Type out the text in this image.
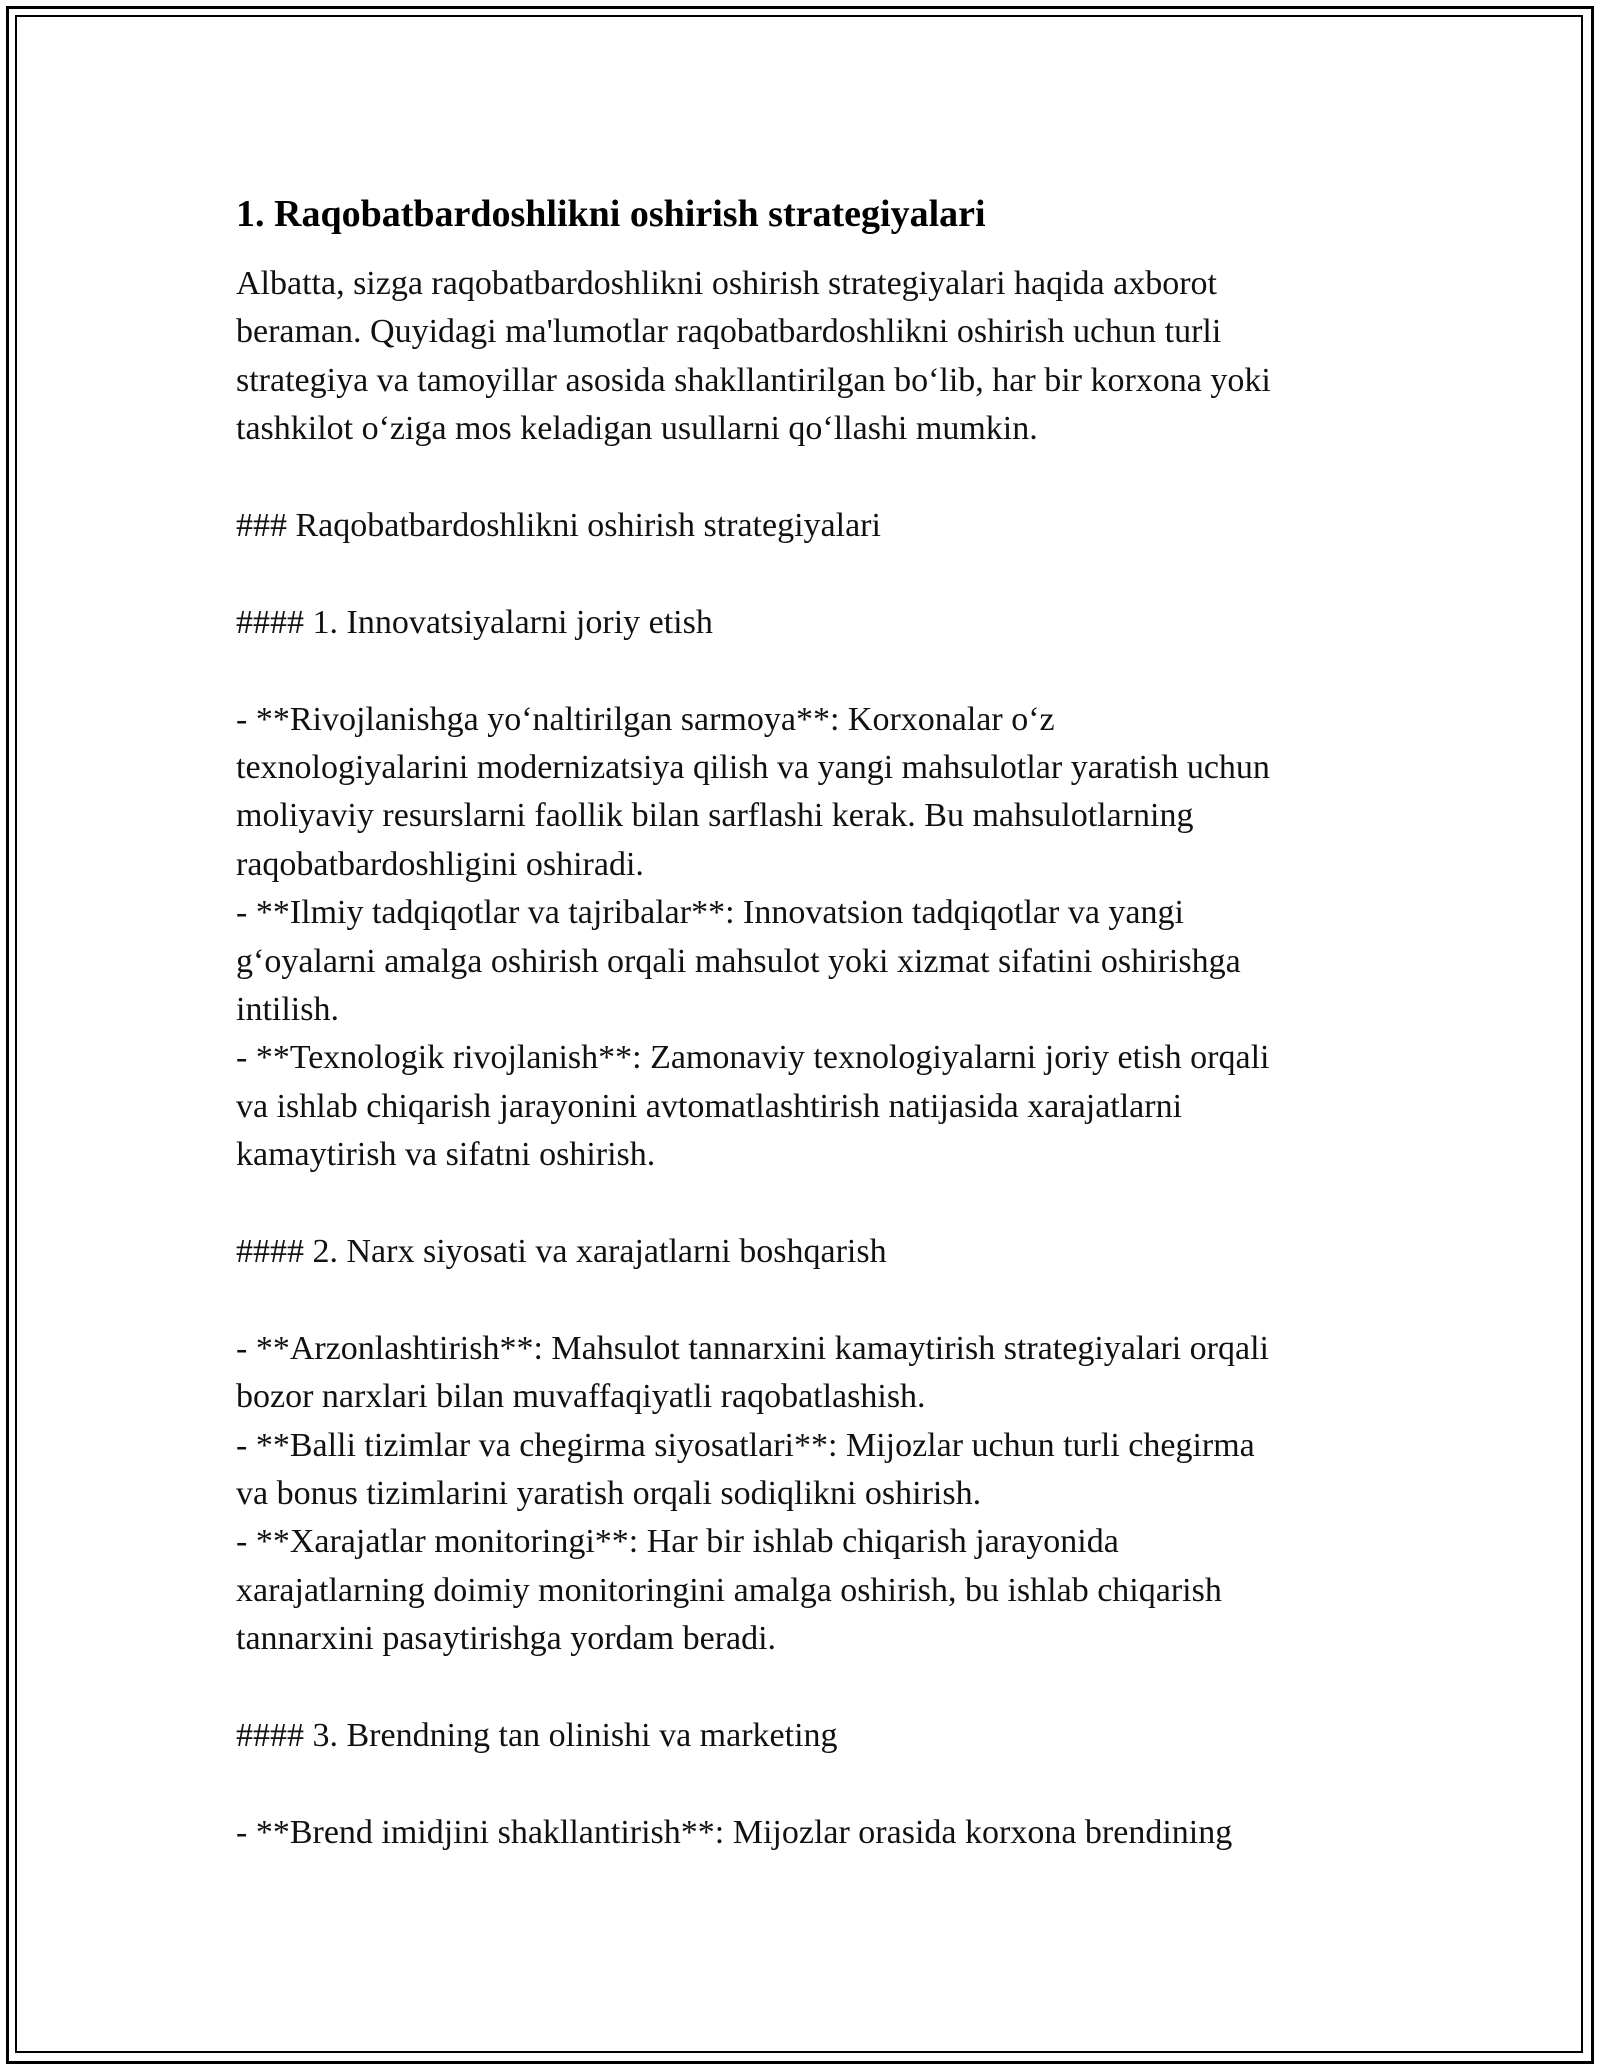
1. Raqobatbardoshlikni oshirish strategiyalari

Albatta, sizga raqobatbardoshlikni oshirish strategiyalari haqida axborot
beraman. Quyidagi ma'lumotlar raqobatbardoshlikni oshirish uchun turli
strategiya va tamoyillar asosida shakllantirilgan bo‘lib, har bir korxona yoki
tashkilot o‘ziga mos keladigan usullarni qo‘llashi mumkin.

### Raqobatbardoshlikni oshirish strategiyalari

#### 1. Innovatsiyalarni joriy etish

- **Rivojlanishga yo‘naltirilgan sarmoya**: Korxonalar o‘z
texnologiyalarini modernizatsiya qilish va yangi mahsulotlar yaratish uchun
moliyaviy resurslarni faollik bilan sarflashi kerak. Bu mahsulotlarning
raqobatbardoshligini oshiradi.
- **Ilmiy tadqiqotlar va tajribalar**: Innovatsion tadqiqotlar va yangi
g‘oyalarni amalga oshirish orqali mahsulot yoki xizmat sifatini oshirishga
intilish.
- **Texnologik rivojlanish**: Zamonaviy texnologiyalarni joriy etish orqali
va ishlab chiqarish jarayonini avtomatlashtirish natijasida xarajatlarni
kamaytirish va sifatni oshirish.

#### 2. Narx siyosati va xarajatlarni boshqarish

- **Arzonlashtirish**: Mahsulot tannarxini kamaytirish strategiyalari orqali
bozor narxlari bilan muvaffaqiyatli raqobatlashish.
- **Balli tizimlar va chegirma siyosatlari**: Mijozlar uchun turli chegirma
va bonus tizimlarini yaratish orqali sodiqlikni oshirish.
- **Xarajatlar monitoringi**: Har bir ishlab chiqarish jarayonida
xarajatlarning doimiy monitoringini amalga oshirish, bu ishlab chiqarish
tannarxini pasaytirishga yordam beradi.

#### 3. Brendning tan olinishi va marketing

- **Brend imidjini shakllantirish**: Mijozlar orasida korxona brendining
